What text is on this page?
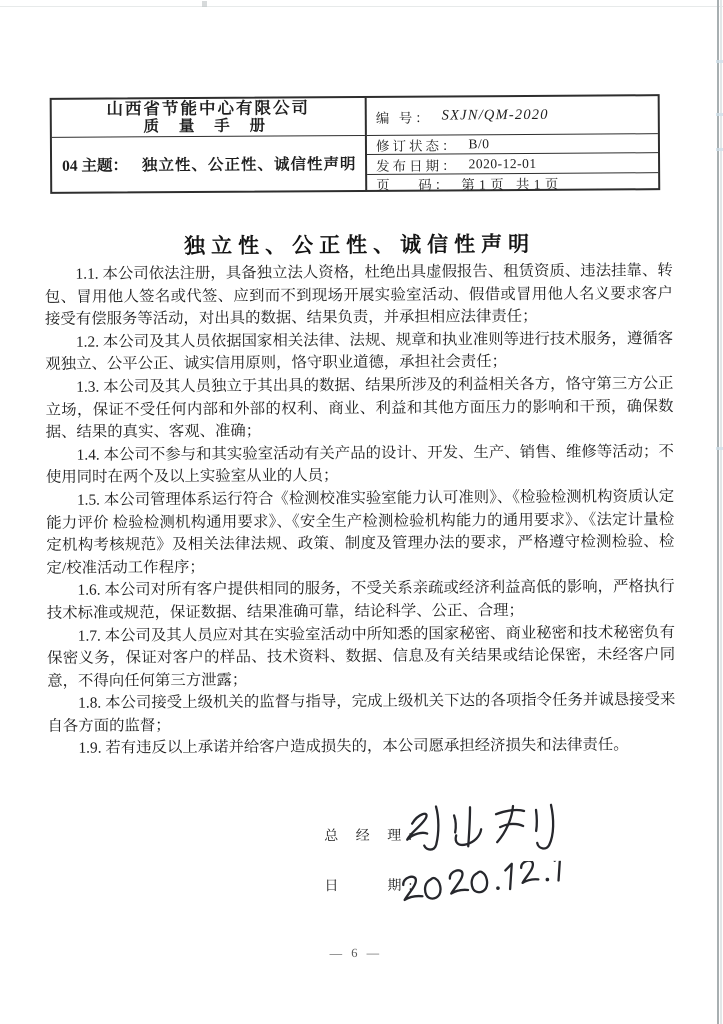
山西省节能中心有限公司
质 量 手 册
04 主题： 独立性、公正性、诚信性声明
编 号： SXJN/QM-2020
修订状态： B/0
发布日期： 2020-12-01
页    码： 第 1 页   共 1 页
独立性、公正性、诚信性声明

1.1. 本公司依法注册，具备独立法人资格，杜绝出具虚假报告、租赁资质、违法挂靠、转包、冒用他人签名或代签、应到而不到现场开展实验室活动、假借或冒用他人名义要求客户接受有偿服务等活动，对出具的数据、结果负责，并承担相应法律责任；

1.2. 本公司及其人员依据国家相关法律、法规、规章和执业准则等进行技术服务，遵循客观独立、公平公正、诚实信用原则，恪守职业道德，承担社会责任；

1.3. 本公司及其人员独立于其出具的数据、结果所涉及的利益相关各方，恪守第三方公正立场，保证不受任何内部和外部的权利、商业、利益和其他方面压力的影响和干预，确保数据、结果的真实、客观、准确；

1.4. 本公司不参与和其实验室活动有关产品的设计、开发、生产、销售、维修等活动；不使用同时在两个及以上实验室从业的人员；

1.5. 本公司管理体系运行符合《检测校准实验室能力认可准则》、《检验检测机构资质认定能力评价 检验检测机构通用要求》、《安全生产检测检验机构能力的通用要求》、《法定计量检定机构考核规范》及相关法律法规、政策、制度及管理办法的要求，严格遵守检测检验、检定/校准活动工作程序；

1.6. 本公司对所有客户提供相同的服务，不受关系亲疏或经济利益高低的影响，严格执行技术标准或规范，保证数据、结果准确可靠，结论科学、公正、合理；

1.7. 本公司及其人员应对其在实验室活动中所知悉的国家秘密、商业秘密和技术秘密负有保密义务，保证对客户的样品、技术资料、数据、信息及有关结果或结论保密，未经客户同意，不得向任何第三方泄露；

1.8. 本公司接受上级机关的监督与指导，完成上级机关下达的各项指令任务并诚恳接受来自各方面的监督；

1.9. 若有违反以上承诺并给客户造成损失的，本公司愿承担经济损失和法律责任。

总 经 理:
日    期:
— 6 —
